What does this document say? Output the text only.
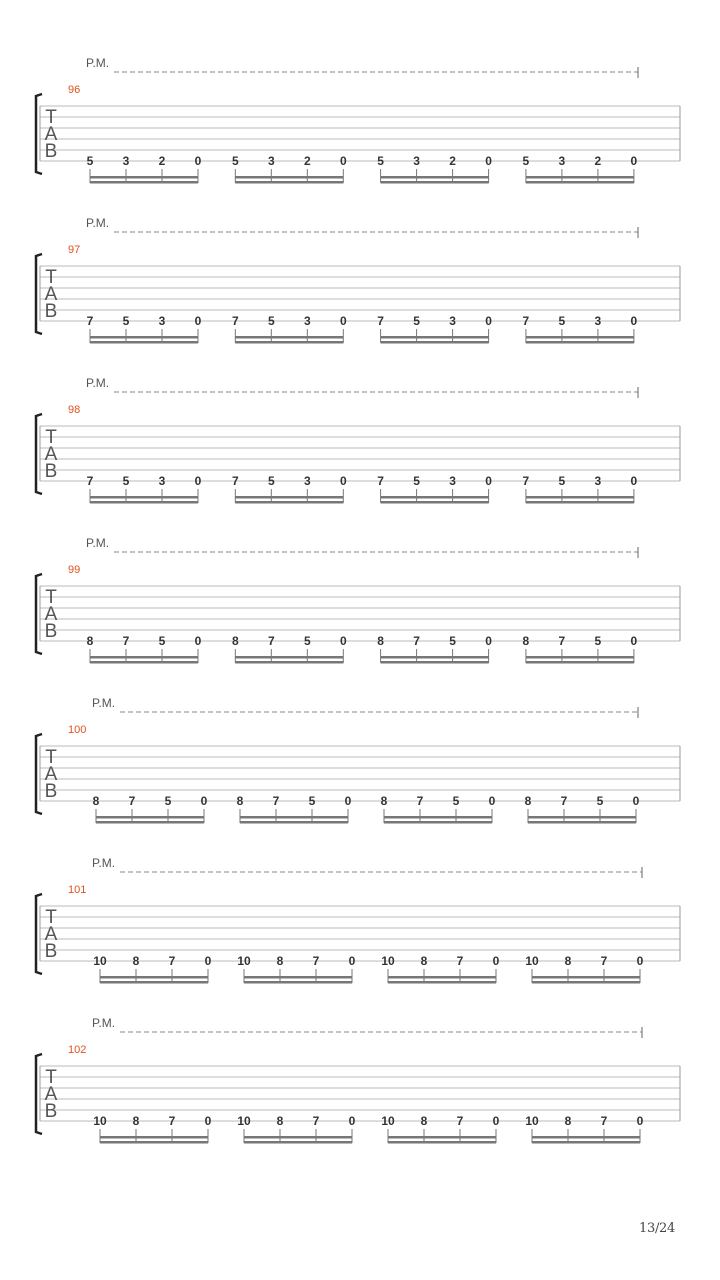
P.M.
96
T
A
B 5 3 2 0	5 3 2 0	5 3 2 0	5 3 2 0
P.M.
97
T
A
B 7 5 3 0	7 5 3 0	7 5 3 0	7 5 3 0
P.M.
98
T
A
B 7 5 3 0	7 5 3 0	7 5 3 0	7 5 3 0
P.M.
99
T
A
B 8 7 5 0	8 7 5 0	8 7 5 0	8 7 5 0
P.M.
100
T
A
B	8 7 5 0 8 7 5 0 8 7 5 0 8 7 5 0
P.M.
101
T
A
B	10 8 7 0 10 8 7 0 10 8 7 0 10 8 7 0
P.M.
102
T
A
B	10 8 7 0 10 8 7 0 10 8 7 0 10 8 7 0
13/24
